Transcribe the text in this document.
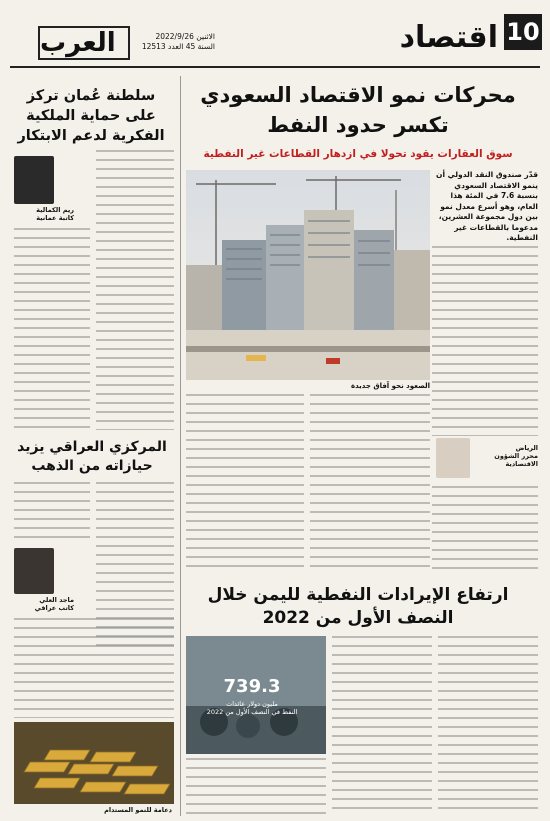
10
اقتصاد
العرب	الاثنين 2022/9/26
السنة 45 العدد 12513
محركات نمو الاقتصاد السعودي
تكسر حدود النفط
سوق العقارات يقود تحولا في ازدهار القطاعات غير النفطية
سلطنة عُمان تركز
على حماية الملكية
الفكرية لدعم الابتكار
الصعود نحو آفاق جديدة
قدّر صندوق النقد الدولي أن ينمو الاقتصاد السعودي بنسبة 7.6 في المئة هذا العام، وهو أسرع معدل نمو بين دول مجموعة العشرين، مدعوما بالقطاعات غير النفطية.
الرياض
محرر الشؤون الاقتصادية
ريم الكمالية
كاتبة عمانية
المركزي العراقي يزيد
حيازاته من الذهب
ماجد العلي
كاتب عراقي
دعامة للنمو المستدام
ارتفاع الإيرادات النفطية لليمن خلال
النصف الأول من 2022
739.3
مليون دولار عائدات
النفط في النصف الأول من 2022
